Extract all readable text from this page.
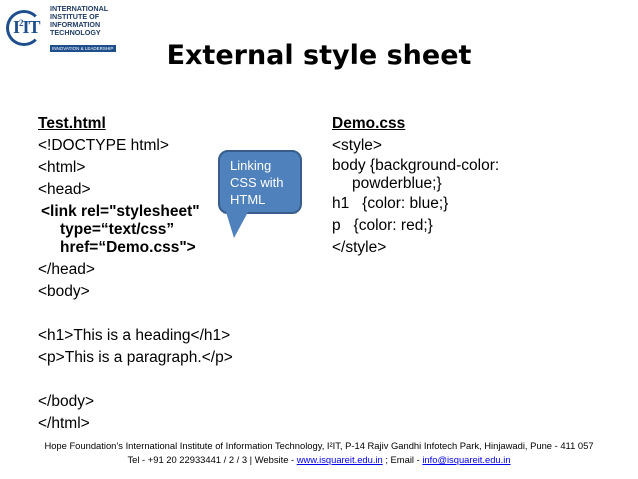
$I^2IT$
INTERNATIONAL
INSTITUTE OF
INFORMATION
TECHNOLOGY
INNOVATION & LEADERSHIP	External style sheet
Test.html
<!DOCTYPE html>
<html>
<head>
<link rel="stylesheet"
type=“text/css”
href=“Demo.css">
</head>
<body>
<h1>This is a heading</h1>
<p>This is a paragraph.</p>
</body>
</html>
Demo.css
<style>
body {background-color:
powderblue;}
h1   {color: blue;}
p   {color: red;}
</style>
Linking
CSS with
HTML
Hope Foundation’s International Institute of Information Technology, I²IT, P-14 Rajiv Gandhi Infotech Park, Hinjawadi, Pune - 411 057
Tel - +91 20 22933441 / 2 / 3 | Website - www.isquareit.edu.in ; Email - info@isquareit.edu.in
